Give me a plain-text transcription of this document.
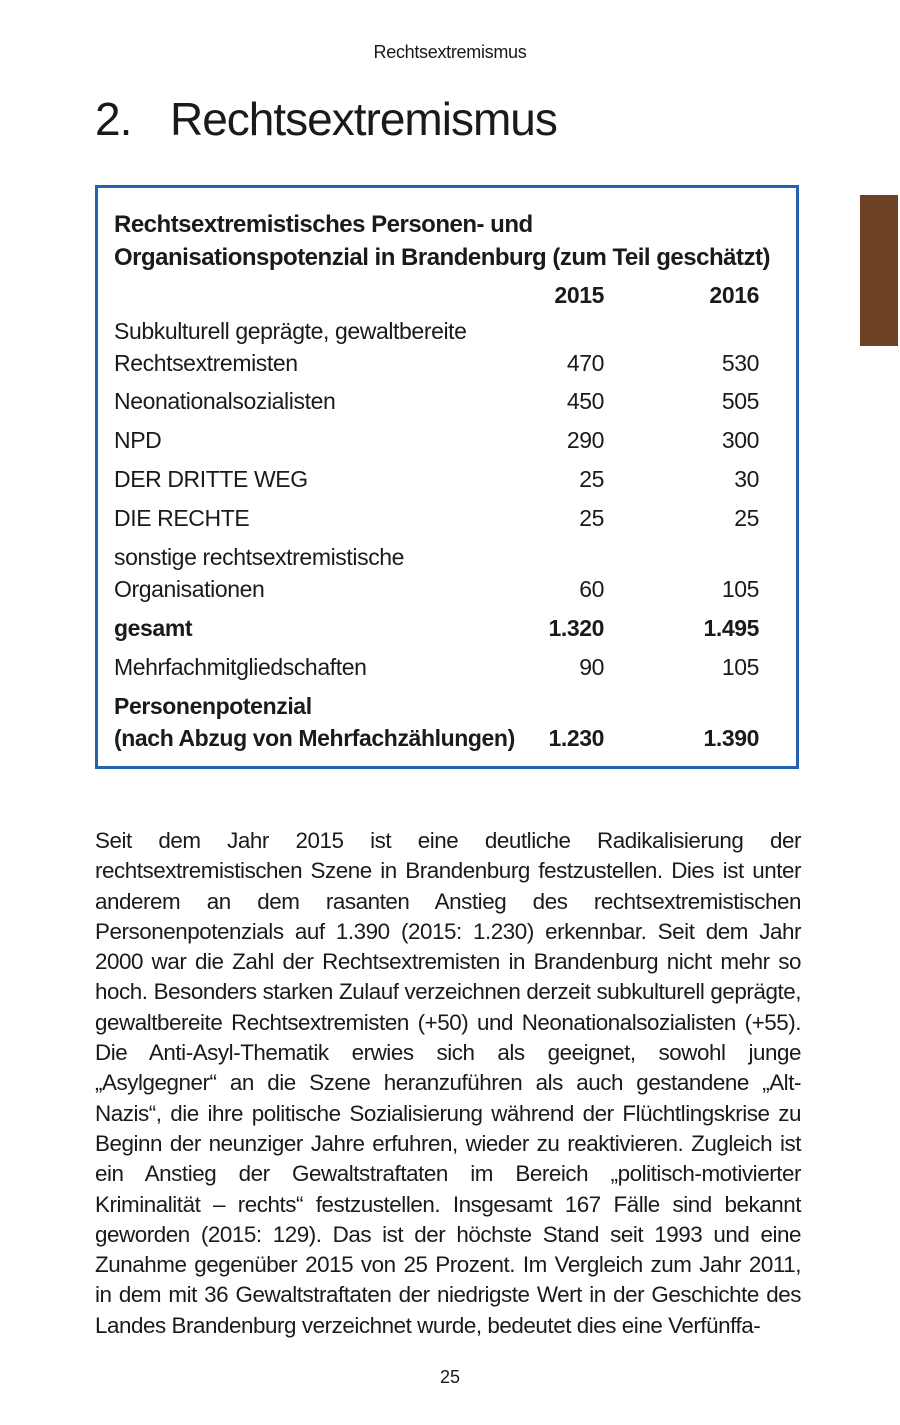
Rechtsextremismus
2. Rechtsextremismus
Rechtsextremistisches Personen- und
Organisationspotenzial in Brandenburg (zum Teil geschätzt)
2015	2016
Subkulturell geprägte, gewaltbereite
Rechtsextremisten	470	530
Neonationalsozialisten	450	505
NPD	290	300
DER DRITTE WEG	25	30
DIE RECHTE	25	25
sonstige rechtsextremistische
Organisationen	60	105
gesamt	1.320	1.495
Mehrfachmitgliedschaften	90	105
Personenpotenzial
(nach Abzug von Mehrfachzählungen) 1.230	1.390

Seit dem Jahr 2015 ist eine deutliche Radikalisierung der rechtsextremistischen Szene in Brandenburg festzustellen. Dies ist unter anderem an dem rasanten Anstieg des rechtsextremistischen Personenpotenzials auf 1.390 (2015: 1.230) erkennbar. Seit dem Jahr 2000 war die Zahl der Rechtsextremisten in Brandenburg nicht mehr so hoch. Besonders starken Zulauf verzeichnen derzeit subkulturell geprägte, gewaltbereite Rechtsextremisten (+50) und Neonationalsozialisten (+55). Die Anti-Asyl-Thematik erwies sich als geeignet, sowohl junge „Asylgegner“ an die Szene heranzuführen als auch gestandene „Alt-Nazis“, die ihre politische Sozialisierung während der Flüchtlingskrise zu Beginn der neunziger Jahre erfuhren, wieder zu reaktivieren. Zugleich ist ein Anstieg der Gewaltstraftaten im Bereich „politisch-motivierter Kriminalität – rechts“ festzustellen. Insgesamt 167 Fälle sind bekannt geworden (2015: 129). Das ist der höchste Stand seit 1993 und eine Zunahme gegenüber 2015 von 25 Prozent. Im Vergleich zum Jahr 2011, in dem mit 36 Gewaltstraftaten der niedrigste Wert in der Geschichte des Landes Brandenburg verzeichnet wurde, bedeutet dies eine Verfünffa-

25
